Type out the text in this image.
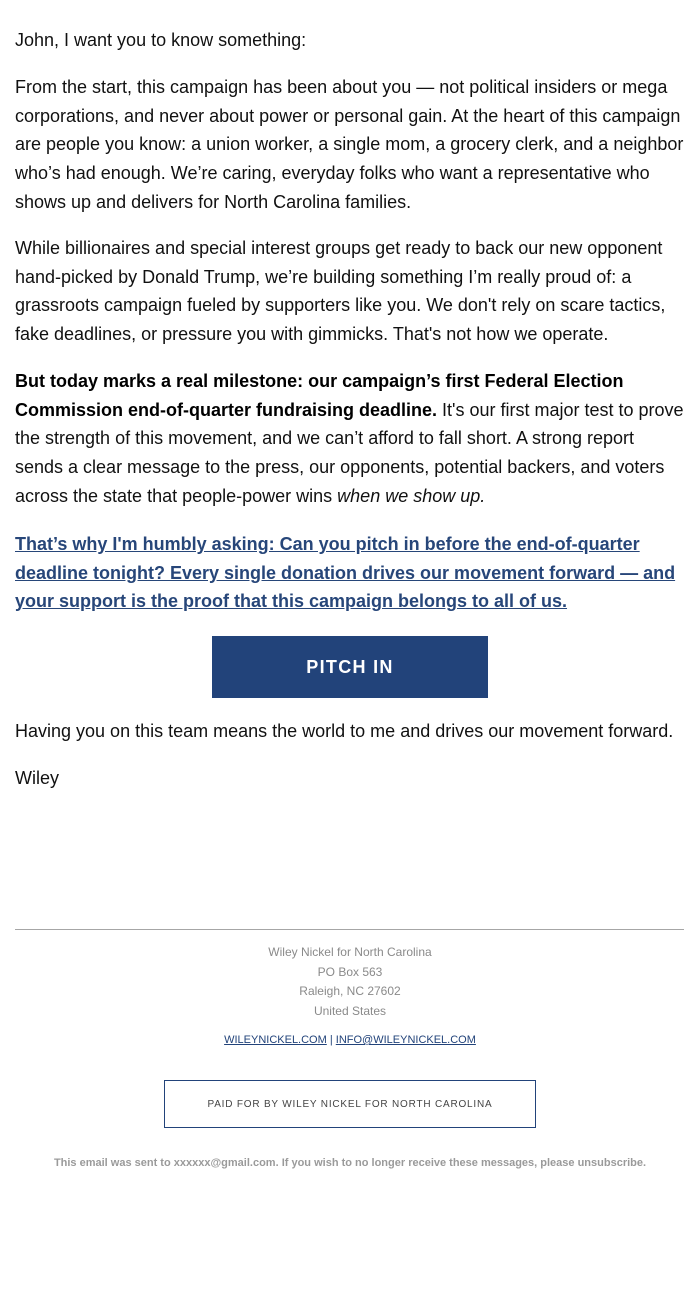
John, I want you to know something:

From the start, this campaign has been about you — not political insiders or mega corporations, and never about power or personal gain. At the heart of this campaign are people you know: a union worker, a single mom, a grocery clerk, and a neighbor who’s had enough. We’re caring, everyday folks who want a representative who shows up and delivers for North Carolina families.

While billionaires and special interest groups get ready to back our new opponent hand-picked by Donald Trump, we’re building something I’m really proud of: a grassroots campaign fueled by supporters like you. We don't rely on scare tactics, fake deadlines, or pressure you with gimmicks. That's not how we operate.

But today marks a real milestone: our campaign’s first Federal Election Commission end-of-quarter fundraising deadline. It's our first major test to prove the strength of this movement, and we can’t afford to fall short. A strong report sends a clear message to the press, our opponents, potential backers, and voters across the state that people-power wins when we show up.

That’s why I'm humbly asking: Can you pitch in before the end-of-quarter deadline tonight? Every single donation drives our movement forward — and your support is the proof that this campaign belongs to all of us.

Having you on this team means the world to me and drives our movement forward.

Wiley

PITCH IN
Wiley Nickel for North Carolina
PO Box 563
Raleigh, NC 27602
United States
WILEYNICKEL.COM | INFO@WILEYNICKEL.COM
PAID FOR BY WILEY NICKEL FOR NORTH CAROLINA
This email was sent to xxxxxx@gmail.com. If you wish to no longer receive these messages, please unsubscribe.
